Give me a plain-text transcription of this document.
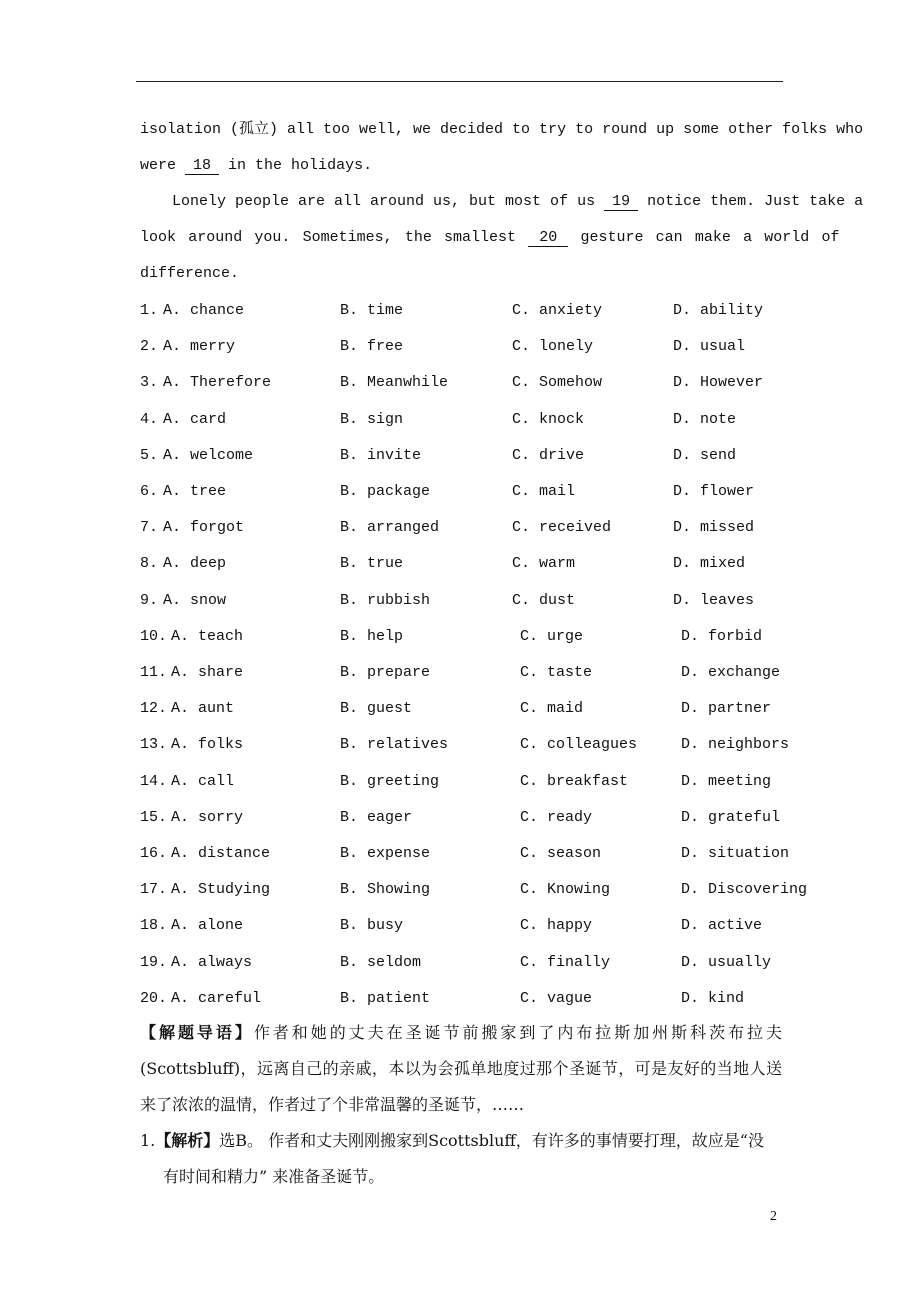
isolation (孤立) all too well, we decided to try to round up some other folks who
were 18 in the holidays.
Lonely people are all around us, but most of us 19 notice them. Just take a
look around you. Sometimes, the smallest 20 gesture can make a world of
difference.
1. A. chance	B. time	C. anxiety	D. ability
2. A. merry	B. free	C. lonely	D. usual
3. A. Therefore	B. Meanwhile	C. Somehow	D. However
4. A. card	B. sign	C. knock	D. note
5. A. welcome	B. invite	C. drive	D. send
6. A. tree	B. package	C. mail	D. flower
7. A. forgot	B. arranged	C. received	D. missed
8. A. deep	B. true	C. warm	D. mixed
9. A. snow	B. rubbish	C. dust	D. leaves
10. A. teach	B. help	C. urge	D. forbid
11. A. share	B. prepare	C. taste	D. exchange
12. A. aunt	B. guest	C. maid	D. partner
13. A. folks	B. relatives	C. colleagues	D. neighbors
14. A. call	B. greeting	C. breakfast	D. meeting
15. A. sorry	B. eager	C. ready	D. grateful
16. A. distance	B. expense	C. season	D. situation
17. A. Studying	B. Showing	C. Knowing	D. Discovering
18. A. alone	B. busy	C. happy	D. active
19. A. always	B. seldom	C. finally	D. usually
20. A. careful	B. patient	C. vague	D. kind
【解题导语】作者和她的丈夫在圣诞节前搬家到了内布拉斯加州斯科茨布拉夫
(Scottsbluff)，远离自己的亲戚，本以为会孤单地度过那个圣诞节，可是友好的当地人送
来了浓浓的温情，作者过了个非常温馨的圣诞节，……
1.【解析】选B。 作者和丈夫刚刚搬家到Scottsbluff，有许多的事情要打理，故应是“没
有时间和精力” 来准备圣诞节。
2
